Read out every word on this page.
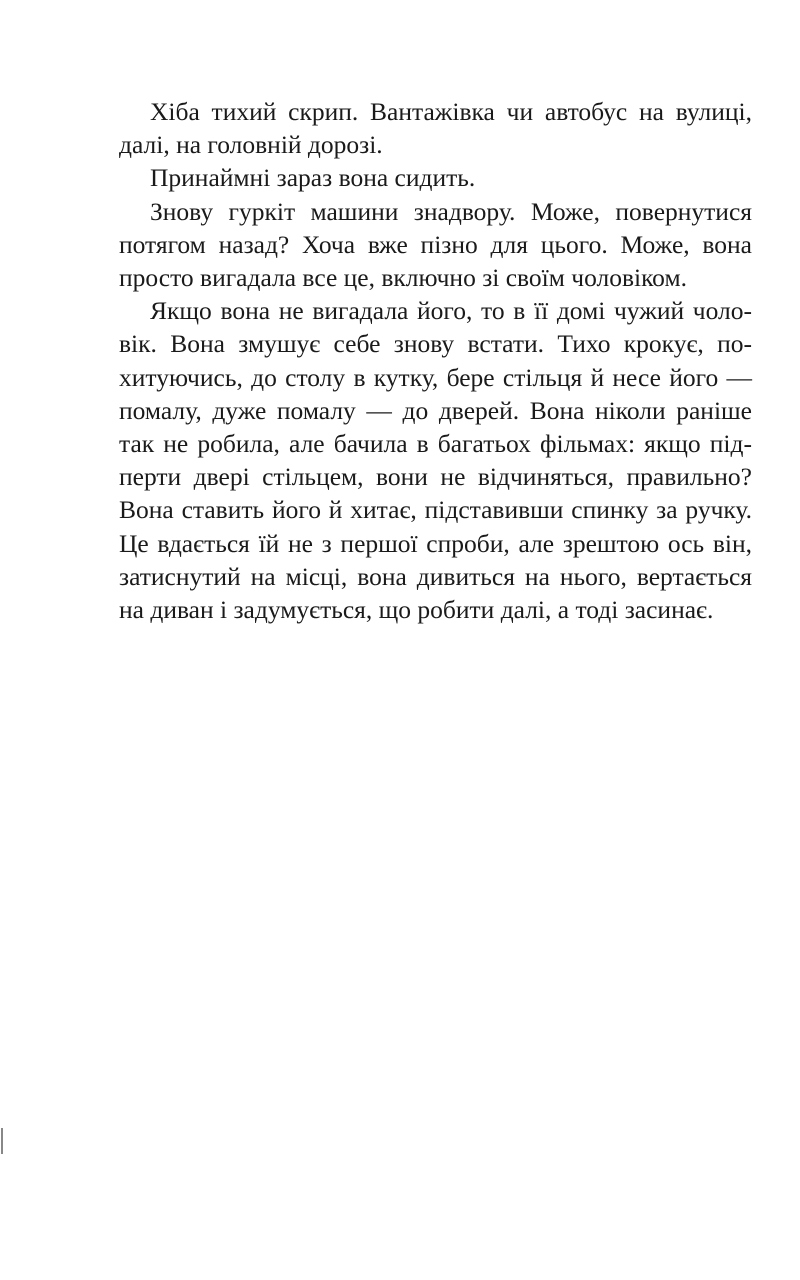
Хіба тихий скрип. Вантажівка чи автобус на вулиці, далі, на головній дорозі.

Принаймні зараз вона сидить.

Знову гуркіт машини знадвору. Може, повернутися потягом назад? Хоча вже пізно для цього. Може, вона просто вигадала все це, включно зі своїм чоловіком.

Якщо вона не вигадала його, то в її домі чужий чоловік. Вона змушує себе знову встати. Тихо крокує, похитуючись, до столу в кутку, бере стільця й несе його — помалу, дуже помалу — до дверей. Вона ніколи раніше так не робила, але бачила в багатьох фільмах: якщо підперти двері стільцем, вони не відчиняться, правильно? Вона ставить його й хитає, підставивши спинку за ручку. Це вдається їй не з першої спроби, але зрештою ось він, затиснутий на місці, вона дивиться на нього, вертається на диван і задумується, що робити далі, а тоді засинає.
